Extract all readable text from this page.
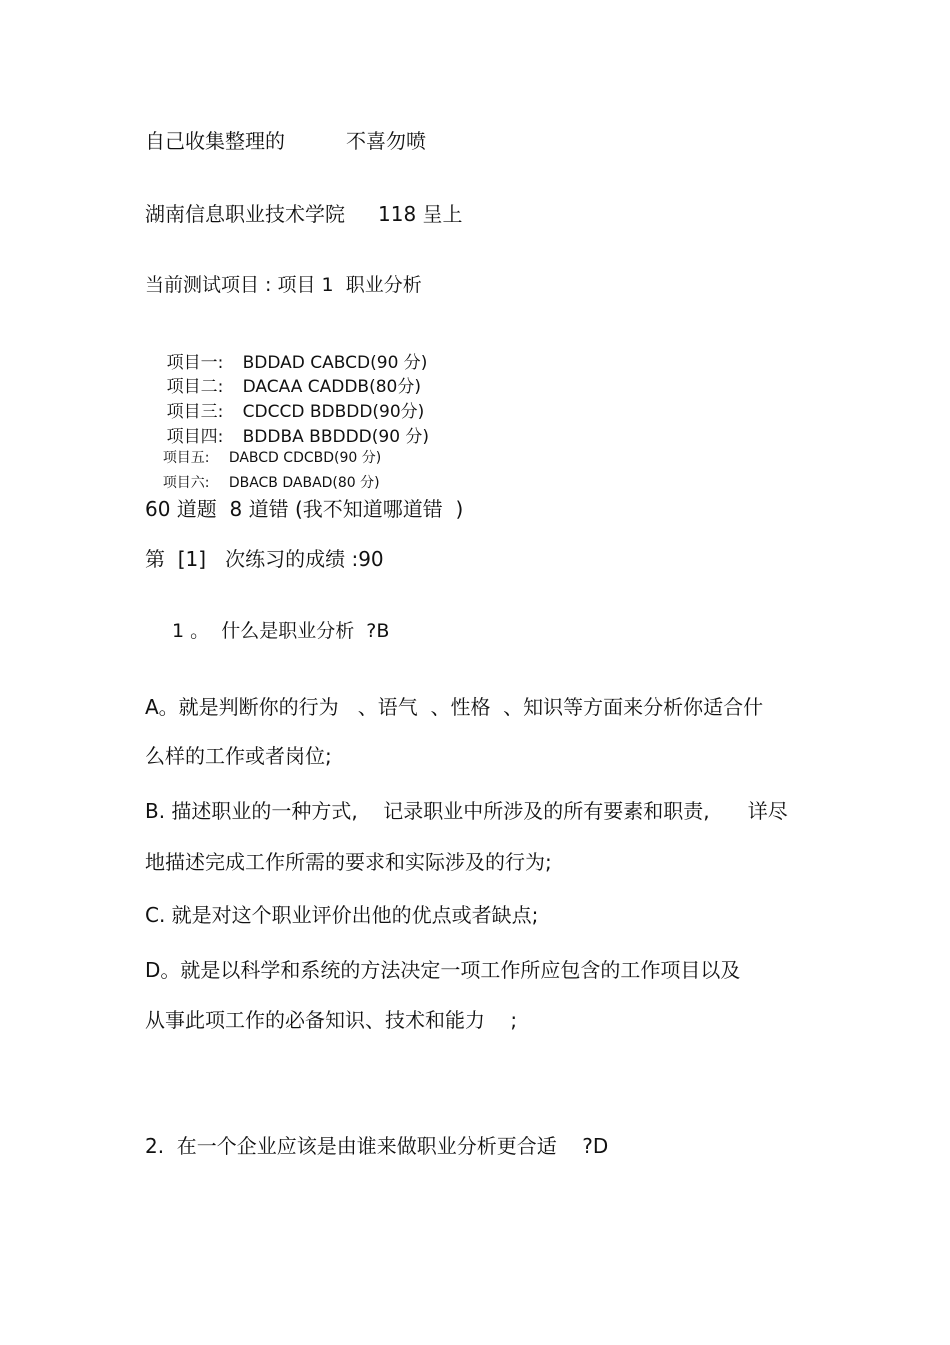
自己收集整理的	不喜勿喷
湖南信息职业技术学院 118 呈上
当前测试项目 : 项目 1  职业分析

项目一: BDDAD CABCD(90 分)

项目二: DACAA CADDB(80分)

项目三: CDCCD BDBDD(90分)

项目四: BDDBA BBDDD(90 分)

项目五: DABCD CDCBD(90 分)

项目六: DBACB DABAD(80 分)

60 道题  8 道错 (我不知道哪道错  )
第  [1]   次练习的成绩 :90
1 。  什么是职业分析  ?B
A。就是判断你的行为   、语气  、性格  、知识等方面来分析你适合什
么样的工作或者岗位;
B. 描述职业的一种方式,    记录职业中所涉及的所有要素和职责,      详尽
地描述完成工作所需的要求和实际涉及的行为;
C. 就是对这个职业评价出他的优点或者缺点;
D。就是以科学和系统的方法决定一项工作所应包含的工作项目以及
从事此项工作的必备知识、技术和能力    ;
2.  在一个企业应该是由谁来做职业分析更合适    ?D
